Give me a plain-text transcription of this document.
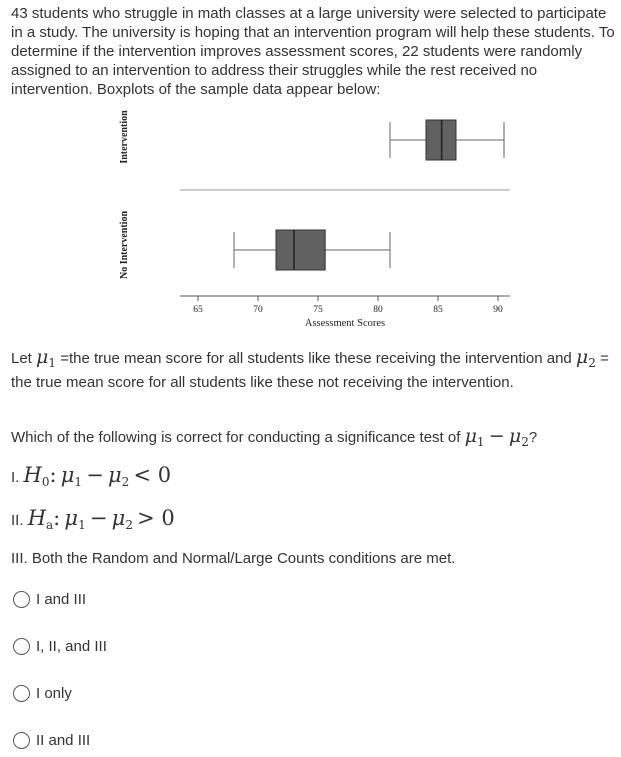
43 students who struggle in math classes at a large university were selected to participate in a study. The university is hoping that an intervention program will help these students. To determine if the intervention improves assessment scores, 22 students were randomly assigned to an intervention to address their struggles while the rest received no intervention. Boxplots of the sample data appear below:

Intervention
No Intervention
65	70	75	80	85	90
Assessment Scores

Let $\mu_1 =the$ true mean score for all students like these receiving the intervention and $\mu_2$ = the true mean score for all students like these not receiving the intervention.

Which of the following is correct for conducting a significance test of $\mu_1 - \mu_2$?

I. $H_0$: $\mu_1 - \mu_2 < 0$

II. $H_a$: $\mu_1 - \mu_2 > 0$

III. Both the Random and Normal/Large Counts conditions are met.

I and III
I, II, and III
I only
II and III
